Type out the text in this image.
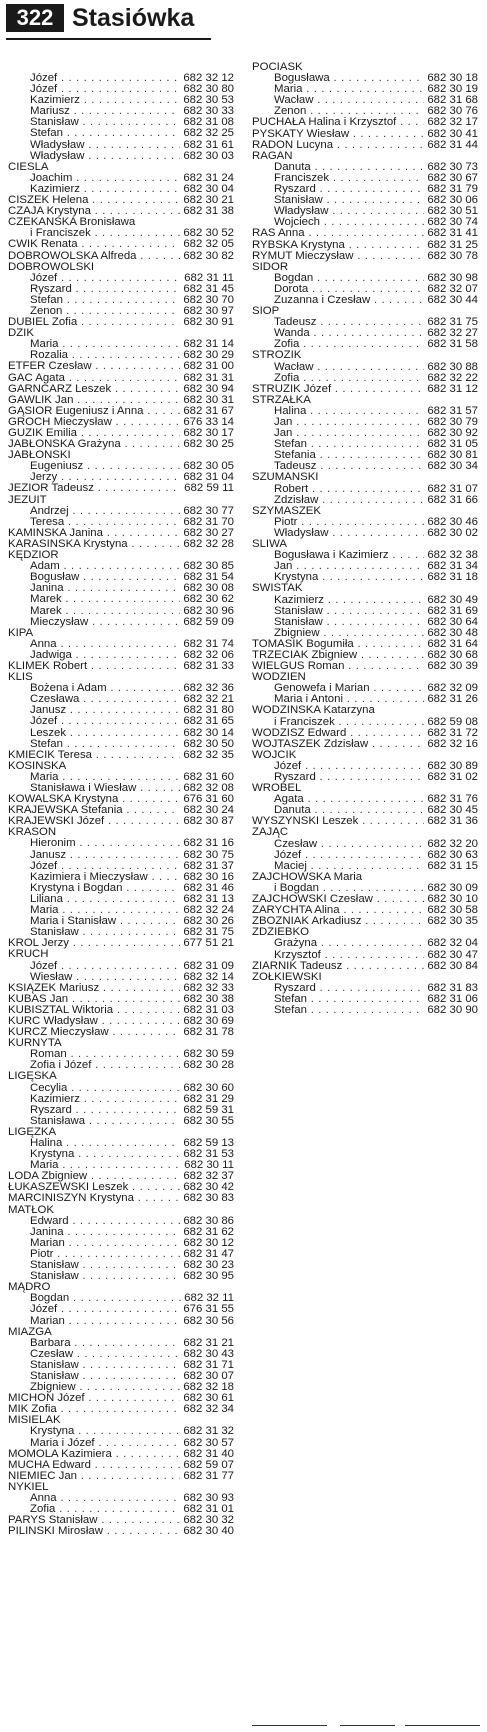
322 Stasiówka
Józef . . .	682 32 12
Józef . . .	682 30 80
Kazimierz . . .	682 30 53
Mariusz . . .	682 30 33
Stanisław . . .	682 31 08
Stefan . . .	682 32 25
Władysław . . .	682 31 61
Władysław . . .	682 30 03
CIEŚLA
Joachim . . .	682 31 24
Kazimierz . . .	682 30 04
CISZEK Helena . . .	682 30 21
CZAJA Krystyna . . .	682 31 38
CZEKAŃSKA Bronisława
i Franciszek . . .	682 30 52
ĆWIK Renata . . .	682 32 05
DOBROWOLSKA Alfreda . . .	682 30 82
DOBROWOLSKI
Józef . . .	682 31 11
Ryszard . . .	682 31 45
Stefan . . .	682 30 70
Zenon . . .	682 30 97
DUBIEL Zofia . . .	682 30 91
DZIK
Maria . . .	682 31 14
Rozalia . . .	682 30 29
ETFER Czesław . . .	682 31 00
GAC Agata . . .	682 31 31
GARNCARZ Leszek . . .	682 30 94
GAWLIK Jan . . .	682 30 31
GĄSIOR Eugeniusz i Anna . . .	682 31 67
GROCH Mieczysław . . .	676 33 14
GUZIK Emilia . . .	682 30 17
JABŁOŃSKA Grażyna . . .	682 30 25
JABŁOŃSKI
Eugeniusz . . .	682 30 05
Jerzy . . .	682 31 04
JEZIOR Tadeusz . . .	682 59 11
JEZUIT
Andrzej . . .	682 30 77
Teresa . . .	682 31 70
KAMIŃSKA Janina . . .	682 30 27
KARASIŃSKA Krystyna . . .	682 32 28
KĘDZIOR
Adam . . .	682 30 85
Bogusław . . .	682 31 54
Janina . . .	682 30 08
Marek . . .	682 30 62
Marek . . .	682 30 96
Mieczysław . . .	682 59 09
KIPA
Anna . . .	682 31 74
Jadwiga . . .	682 32 06
KLIMEK Robert . . .	682 31 33
KLIŚ
Bożena i Adam . . .	682 32 36
Czesława . . .	682 32 21
Janusz . . .	682 31 80
Józef . . .	682 31 65
Leszek . . .	682 30 14
Stefan . . .	682 30 50
KMIECIK Teresa . . .	682 32 35
KOSIŃSKA
Maria . . .	682 31 60
Stanisława i Wiesław . . .	682 32 08
KOWALSKA Krystyna . . .	676 31 60
KRAJEWSKA Stefania . . .	682 30 24
KRAJEWSKI Józef . . .	682 30 87
KRASOŃ
Hieronim . . .	682 31 16
Janusz . . .	682 30 75
Józef . . .	682 31 37
Kazimiera i Mieczysław . . .	682 30 16
Krystyna i Bogdan . . .	682 31 46
Liliana . . .	682 31 13
Maria . . .	682 32 24
Maria i Stanisław . . .	682 30 26
Stanisław . . .	682 31 75
KRÓL Jerzy . . .	677 51 21
KRUCH
Józef . . .	682 31 09
Wiesław . . .	682 32 14
KSIĄŻEK Mariusz . . .	682 32 33
KUBAS Jan . . .	682 30 38
KUBISZTAL Wiktoria . . .	682 31 03
KURC Władysław . . .	682 30 69
KURCZ Mieczysław . . .	682 31 78
KURNYTA
Roman . . .	682 30 59
Zofia i Józef . . .	682 30 28
LIGĘSKA
Cecylia . . .	682 30 60
Kazimierz . . .	682 31 29
Ryszard . . .	682 59 31
Stanisława . . .	682 30 55
LIGĘZKA
Halina . . .	682 59 13
Krystyna . . .	682 31 53
Maria . . .	682 30 11
LODA Zbigniew . . .	682 32 37
ŁUKASZEWSKI Leszek . . .	682 30 42
MARCINISZYN Krystyna . . .	682 30 83
MATŁOK
Edward . . .	682 30 86
Janina . . .	682 31 62
Marian . . .	682 30 12
Piotr . . .	682 31 47
Stanisław . . .	682 30 23
Stanisław . . .	682 30 95
MĄDRO
Bogdan . . .	682 32 11
Józef . . .	676 31 55
Marian . . .	682 30 56
MIAZGA
Barbara . . .	682 31 21
Czesław . . .	682 30 43
Stanisław . . .	682 31 71
Stanisław . . .	682 30 07
Zbigniew . . .	682 32 18
MICHOŃ Józef . . .	682 30 61
MIK Zofia . . .	682 32 34
MISIELAK
Krystyna . . .	682 31 32
Maria i Józef . . .	682 30 57
MOMOLA Kazimiera . . .	682 31 40
MUCHA Edward . . .	682 59 07
NIEMIEC Jan . . .	682 31 77
NYKIEL
Anna . . .	682 30 93
Zofia . . .	682 31 01
PARYS Stanisław . . .	682 30 32
PILIŃSKI Mirosław . . .	682 30 40
POCIASK
Bogusława . . .	682 30 18
Maria . . .	682 30 19
Wacław . . .	682 31 68
Zenon . . .	682 30 76
PUCHAŁA Halina i Krzysztof . . .	682 32 17
PYSKATY Wiesław . . .	682 30 41
RADOŃ Lucyna . . .	682 31 44
RAGAN
Danuta . . .	682 30 73
Franciszek . . .	682 30 67
Ryszard . . .	682 31 79
Stanisław . . .	682 30 06
Władysław . . .	682 30 51
Wojciech . . .	682 30 74
RAŚ Anna . . .	682 31 41
RYBSKA Krystyna . . .	682 31 25
RYMUT Mieczysław . . .	682 30 78
SIDOR
Bogdan . . .	682 30 98
Dorota . . .	682 32 07
Zuzanna i Czesław . . .	682 30 44
SIOP
Tadeusz . . .	682 31 75
Wanda . . .	682 32 27
Zofia . . .	682 31 58
STRÓZIK
Wacław . . .	682 30 88
Zofia . . .	682 32 22
STRUZIK Józef . . .	682 31 12
STRZAŁKA
Halina . . .	682 31 57
Jan . . .	682 30 79
Jan . . .	682 30 92
Stefan . . .	682 31 05
Stefania . . .	682 30 81
Tadeusz . . .	682 30 34
SZUMAŃSKI
Robert . . .	682 31 07
Zdzisław . . .	682 31 66
SZYMASZEK
Piotr . . .	682 30 46
Władysław . . .	682 30 02
ŚLIWA
Bogusława i Kazimierz . . .	682 32 38
Jan . . .	682 31 34
Krystyna . . .	682 31 18
ŚWISTAK
Kazimierz . . .	682 30 49
Stanisław . . .	682 31 69
Stanisław . . .	682 30 64
Zbigniew . . .	682 30 48
TOMASIK Bogumiła . . .	682 31 64
TRZECIAK Zbigniew . . .	682 30 68
WIELGUS Roman . . .	682 30 39
WODZIEŃ
Genowefa i Marian . . .	682 32 09
Maria i Antoni . . .	682 31 26
WODZIŃSKA Katarzyna
i Franciszek . . .	682 59 08
WODZISZ Edward . . .	682 31 72
WOJTASZEK Zdzisław . . .	682 32 16
WÓJCIK
Józef . . .	682 30 89
Ryszard . . .	682 31 02
WRÓBEL
Agata . . .	682 31 76
Danuta . . .	682 30 45
WYSZYŃSKI Leszek . . .	682 31 36
ZAJĄC
Czesław . . .	682 32 20
Józef . . .	682 30 63
Maciej . . .	682 31 15
ZAJCHOWSKA Maria
i Bogdan . . .	682 30 09
ZAJCHOWSKI Czesław . . .	682 30 10
ZARYCHTA Alina . . .	682 30 58
ZBOŻNIAK Arkadiusz . . .	682 30 35
ZDZIEBKO
Grażyna . . .	682 32 04
Krzysztof . . .	682 30 47
ZIARNIK Tadeusz . . .	682 30 84
ŻÓŁKIEWSKI
Ryszard . . .	682 31 83
Stefan . . .	682 31 06
Stefan . . .	682 30 90
